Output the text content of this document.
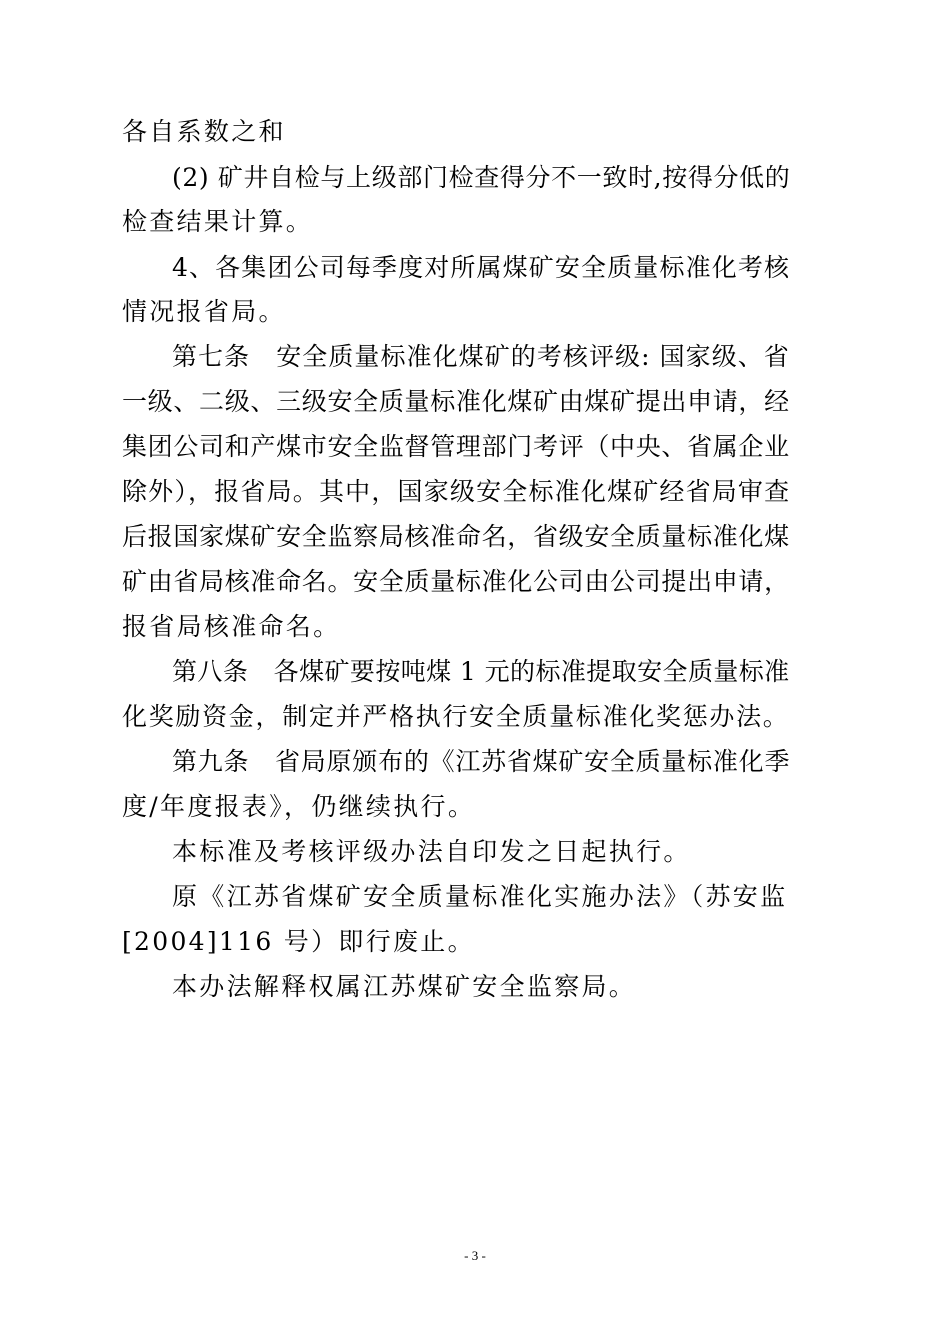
各自系数之和
(2) 矿井自检与上级部门检查得分不一致时,按得分低的
检查结果计算。
4、各集团公司每季度对所属煤矿安全质量标准化考核
情况报省局。
第七条　安全质量标准化煤矿的考核评级: 国家级、省
一级、二级、三级安全质量标准化煤矿由煤矿提出申请，经
集团公司和产煤市安全监督管理部门考评（中央、省属企业
除外），报省局。其中，国家级安全标准化煤矿经省局审查
后报国家煤矿安全监察局核准命名，省级安全质量标准化煤
矿由省局核准命名。安全质量标准化公司由公司提出申请，
报省局核准命名。
第八条　各煤矿要按吨煤 1 元的标准提取安全质量标准
化奖励资金，制定并严格执行安全质量标准化奖惩办法。
第九条　省局原颁布的《江苏省煤矿安全质量标准化季
度/年度报表》，仍继续执行。
本标准及考核评级办法自印发之日起执行。
原《江苏省煤矿安全质量标准化实施办法》（苏安监
[2004]116 号）即行废止。
本办法解释权属江苏煤矿安全监察局。
- 3 -
